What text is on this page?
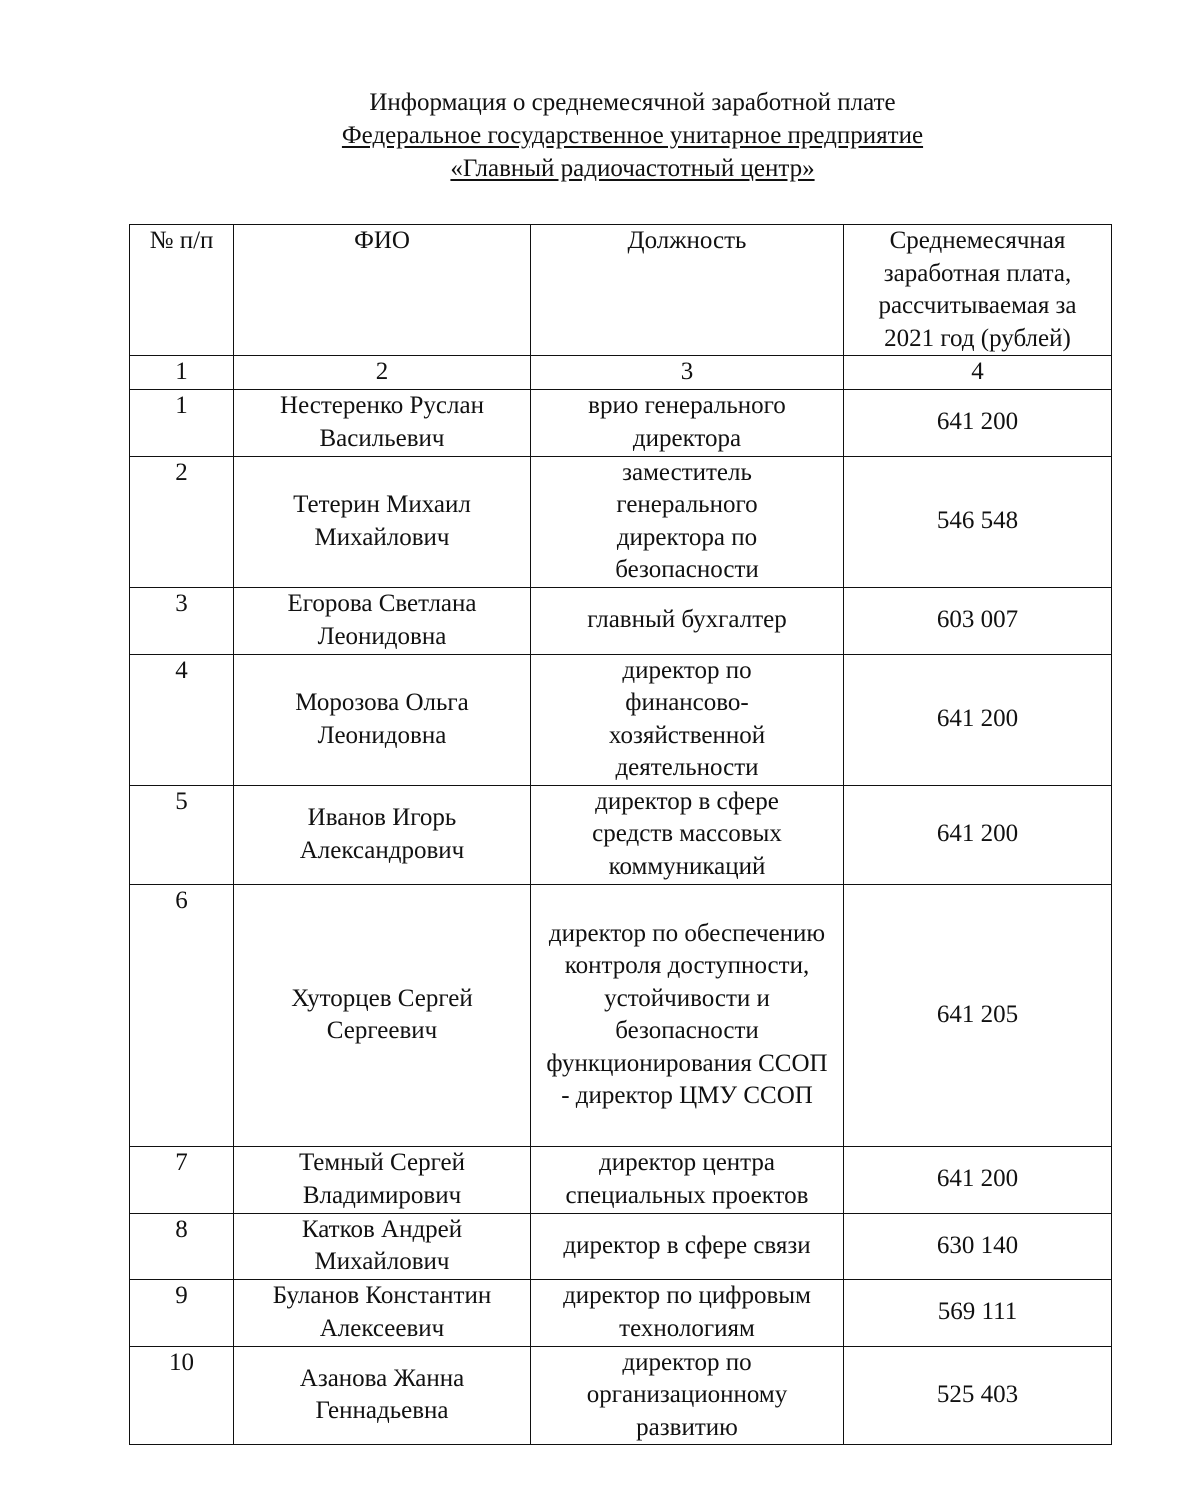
Информация о среднемесячной заработной плате
Федеральное государственное унитарное предприятие
«Главный радиочастотный центр»
№ п/п	ФИО	Должность	Среднемесячная заработная плата, рассчитываемая за 2021 год (рублей)
1	2	3	4
1	Нестеренко Руслан Васильевич	врио генерального директора	641 200
2	Тетерин Михаил Михайлович	заместитель генерального директора по безопасности	546 548
3	Егорова Светлана Леонидовна	главный бухгалтер	603 007
4	Морозова Ольга Леонидовна	директор по финансово-хозяйственной деятельности	641 200
5	Иванов Игорь Александрович	директор в сфере средств массовых коммуникаций	641 200
6	Хуторцев Сергей Сергеевич	директор по обеспечению контроля доступности, устойчивости и безопасности функционирования ССОП - директор ЦМУ ССОП	641 205
7	Темный Сергей Владимирович	директор центра специальных проектов	641 200
8	Катков Андрей Михайлович	директор в сфере связи	630 140
9	Буланов Константин Алексеевич	директор по цифровым технологиям	569 111
10	Азанова Жанна Геннадьевна	директор по организационному развитию	525 403
